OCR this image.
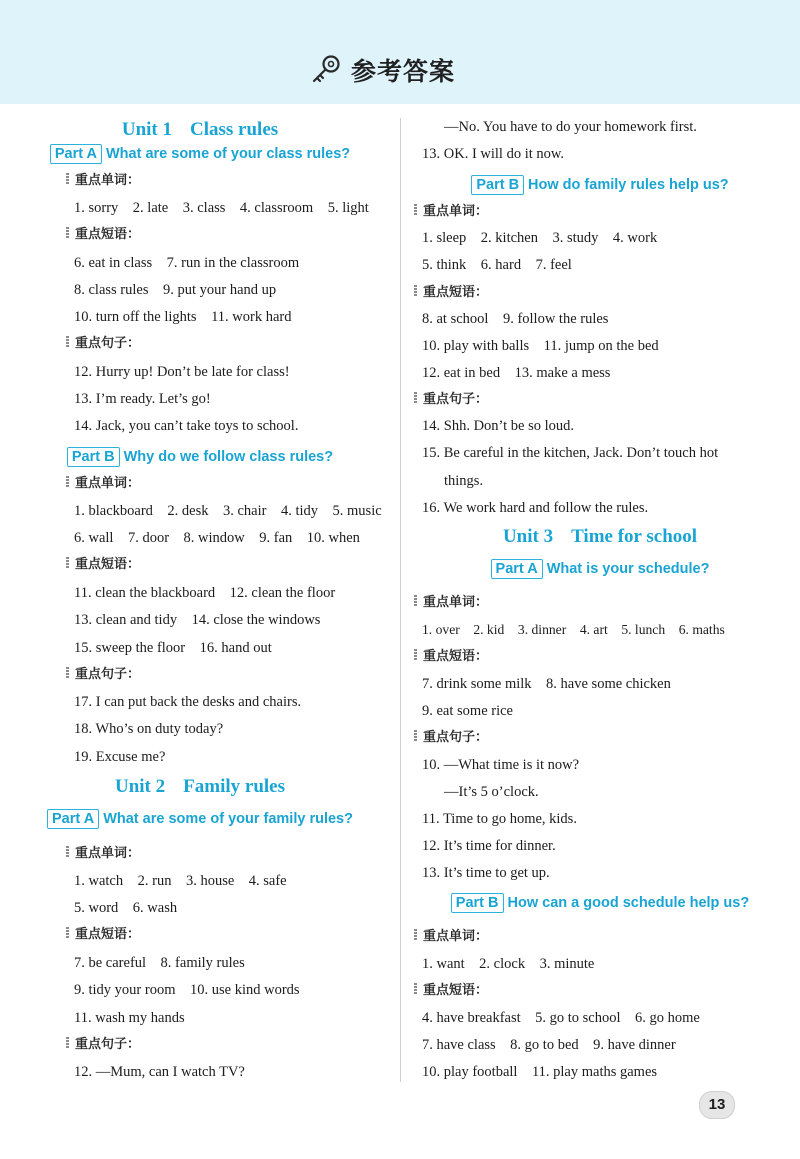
参考答案
Unit 1 Class rules
Part A What are some of your class rules?
重点单词：
1. sorry    2. late    3. class    4. classroom    5. light
重点短语：
6. eat in class    7. run in the classroom
8. class rules    9. put your hand up
10. turn off the lights    11. work hard
重点句子：
12. Hurry up! Don’t be late for class!
13. I’m ready. Let’s go!
14. Jack, you can’t take toys to school.
Part B Why do we follow class rules?
重点单词：
1. blackboard    2. desk    3. chair    4. tidy    5. music
6. wall    7. door    8. window    9. fan    10. when
重点短语：
11. clean the blackboard    12. clean the floor
13. clean and tidy    14. close the windows
15. sweep the floor    16. hand out
重点句子：
17. I can put back the desks and chairs.
18. Who’s on duty today?
19. Excuse me?
Unit 2 Family rules
Part A What are some of your family rules?
重点单词：
1. watch    2. run    3. house    4. safe
5. word    6. wash
重点短语：
7. be careful    8. family rules
9. tidy your room    10. use kind words
11. wash my hands
重点句子：
12. —Mum, can I watch TV?
—No. You have to do your homework first.
13. OK. I will do it now.
Part B How do family rules help us?
重点单词：
1. sleep    2. kitchen    3. study    4. work
5. think    6. hard    7. feel
重点短语：
8. at school    9. follow the rules
10. play with balls    11. jump on the bed
12. eat in bed    13. make a mess
重点句子：
14. Shh. Don’t be so loud.
15. Be careful in the kitchen, Jack. Don’t touch hot
things.
16. We work hard and follow the rules.
Unit 3 Time for school
Part A What is your schedule?
重点单词：
1. over    2. kid    3. dinner    4. art    5. lunch    6. maths
重点短语：
7. drink some milk    8. have some chicken
9. eat some rice
重点句子：
10. —What time is it now?
—It’s 5 o’clock.
11. Time to go home, kids.
12. It’s time for dinner.
13. It’s time to get up.
Part B How can a good schedule help us?
重点单词：
1. want    2. clock    3. minute
重点短语：
4. have breakfast    5. go to school    6. go home
7. have class    8. go to bed    9. have dinner
10. play football    11. play maths games
13
